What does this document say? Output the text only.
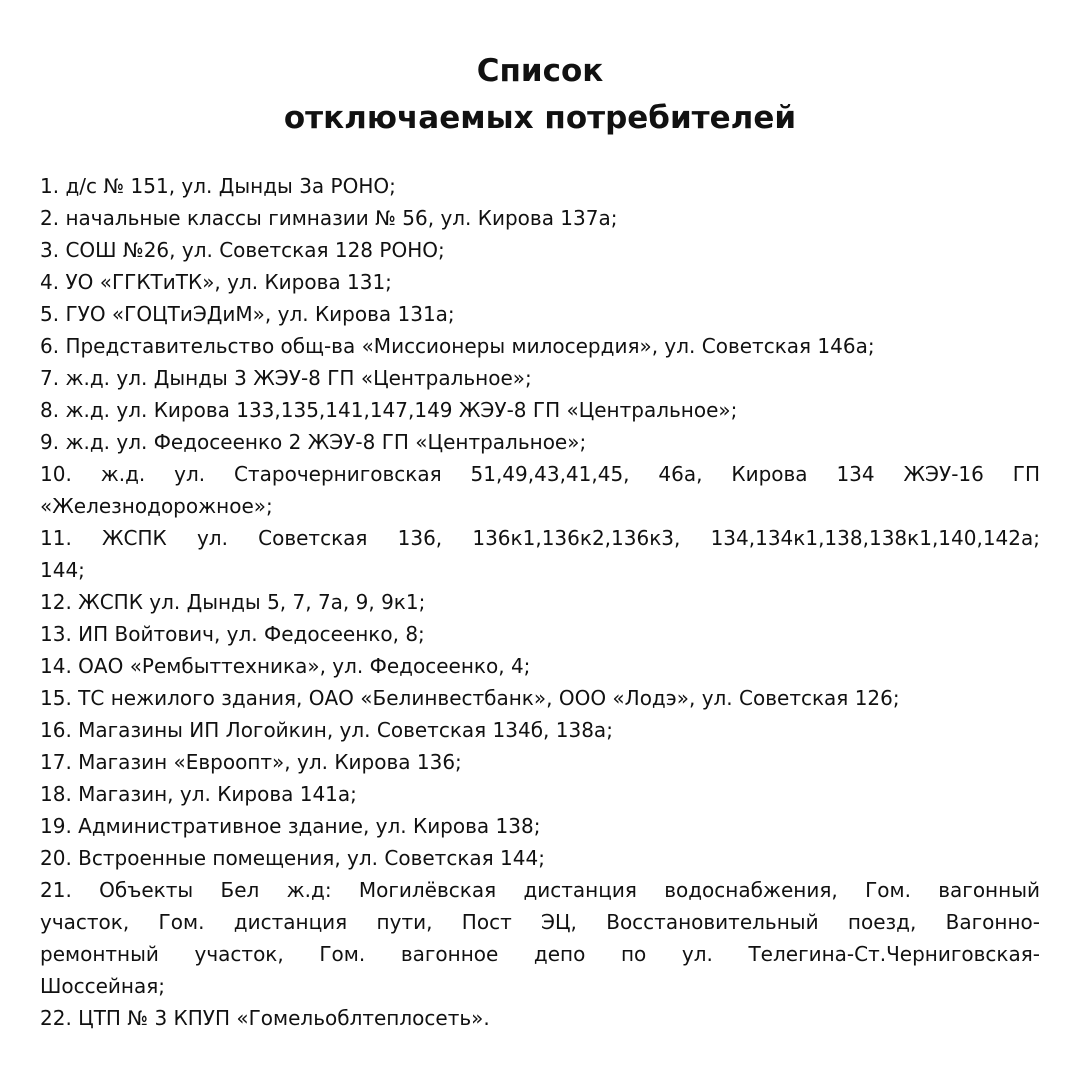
Список
отключаемых потребителей
1. д/с № 151, ул. Дынды 3а РОНО;
2. начальные классы гимназии № 56, ул. Кирова 137а;
3. СОШ №26, ул. Советская 128 РОНО;
4. УО «ГГКТиТК», ул. Кирова 131;
5. ГУО «ГОЦТиЭДиМ», ул. Кирова 131а;
6. Представительство общ-ва «Миссионеры милосердия», ул. Советская 146а;
7. ж.д. ул. Дынды 3 ЖЭУ-8 ГП «Центральное»;
8. ж.д. ул. Кирова 133,135,141,147,149 ЖЭУ-8 ГП «Центральное»;
9. ж.д. ул. Федосеенко 2 ЖЭУ-8 ГП «Центральное»;
10. ж.д. ул. Старочерниговская 51,49,43,41,45, 46а, Кирова 134 ЖЭУ-16 ГП
«Железнодорожное»;
11. ЖСПК ул. Советская 136, 136к1,136к2,136к3, 134,134к1,138,138к1,140,142а;
144;
12. ЖСПК ул. Дынды 5, 7, 7а, 9, 9к1;
13. ИП Войтович, ул. Федосеенко, 8;
14. ОАО «Рембыттехника», ул. Федосеенко, 4;
15. ТС нежилого здания, ОАО «Белинвестбанк», ООО «Лодэ», ул. Советская 126;
16. Магазины ИП Логойкин, ул. Советская 134б, 138а;
17. Магазин «Евроопт», ул. Кирова 136;
18. Магазин, ул. Кирова 141а;
19. Административное здание, ул. Кирова 138;
20. Встроенные помещения, ул. Советская 144;
21. Объекты Бел ж.д: Могилёвская дистанция водоснабжения, Гом. вагонный
участок, Гом. дистанция пути, Пост ЭЦ, Восстановительный поезд, Вагонно-
ремонтный участок, Гом. вагонное депо по ул. Телегина-Ст.Черниговская-
Шоссейная;
22. ЦТП № 3 КПУП «Гомельоблтеплосеть».
